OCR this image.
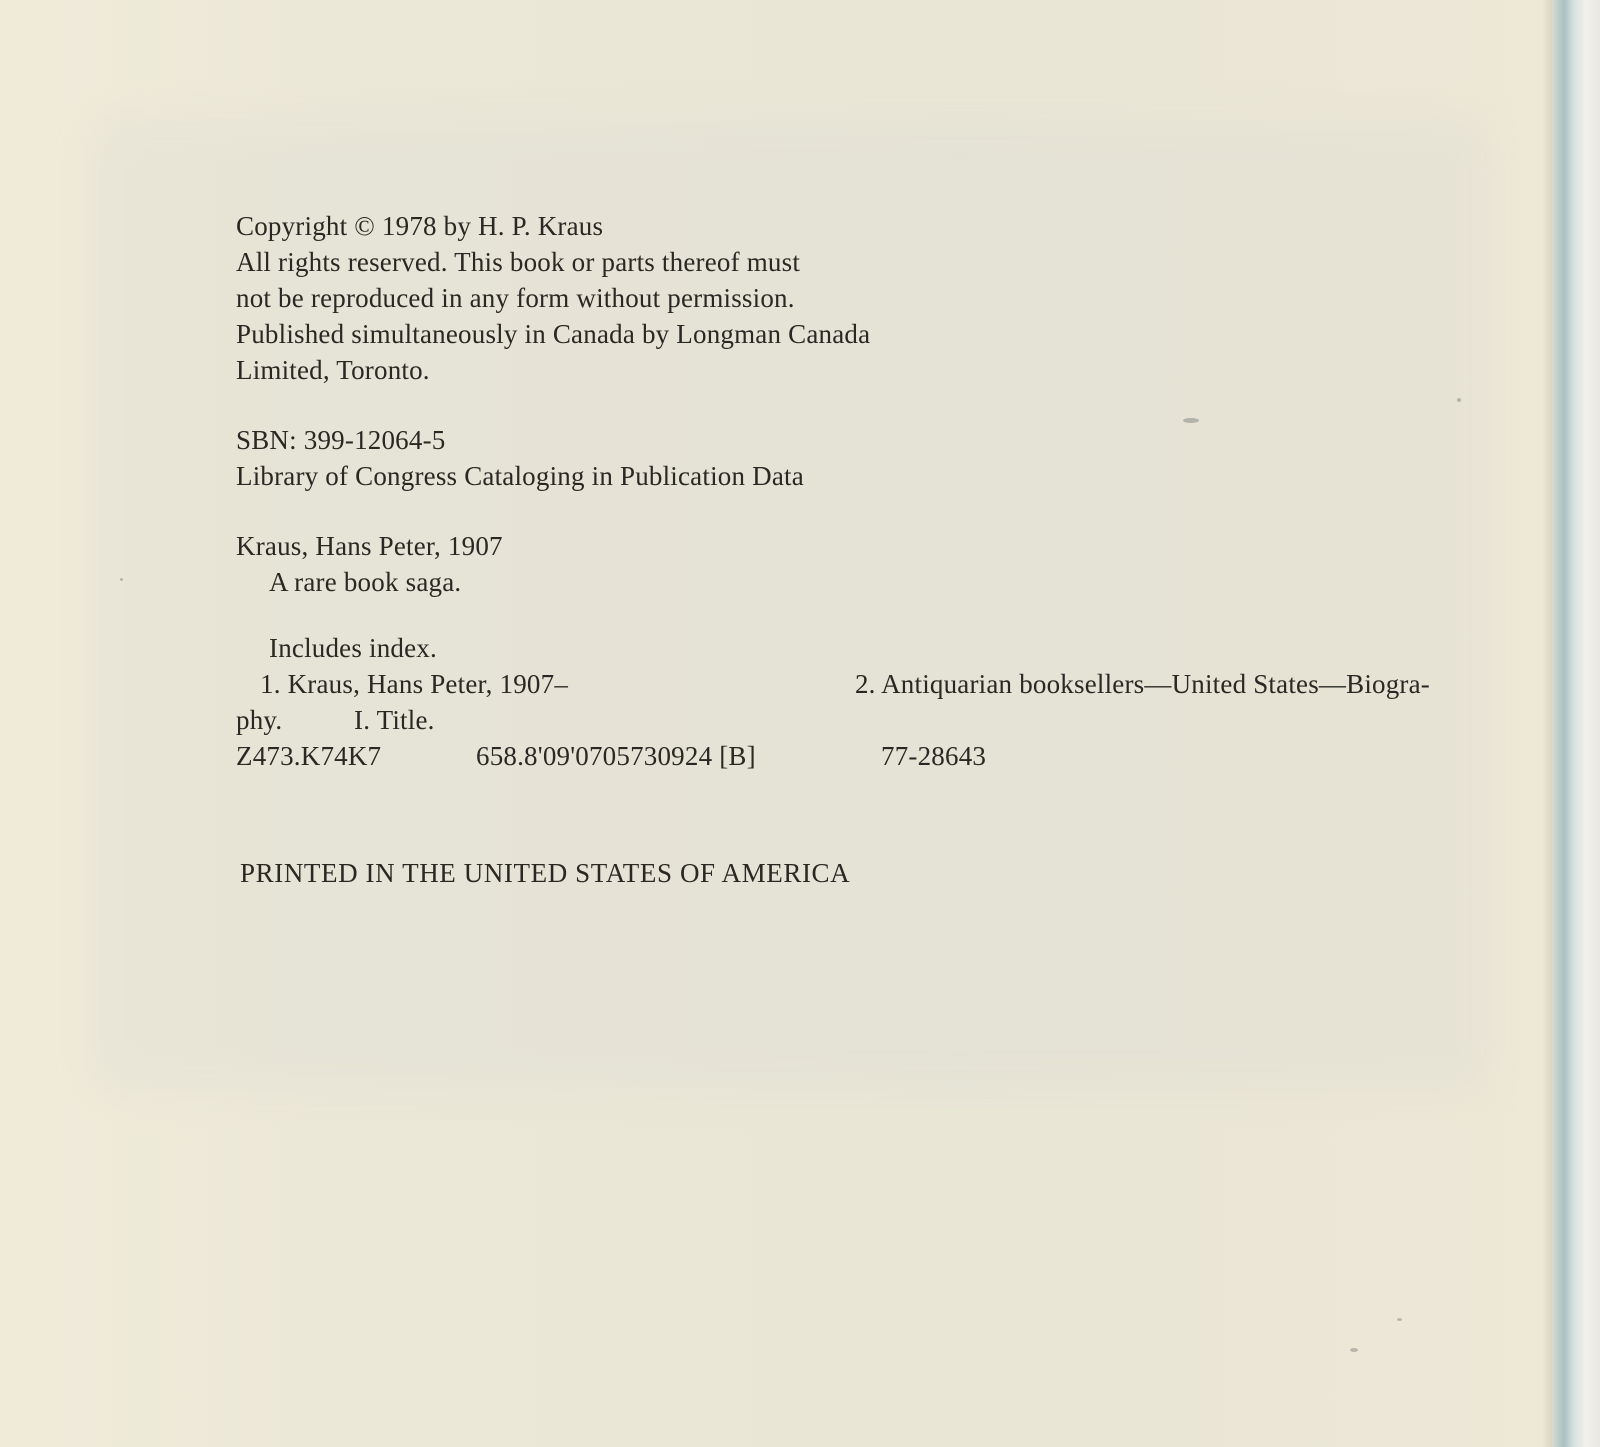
Copyright © 1978 by H. P. Kraus
All rights reserved. This book or parts thereof must
not be reproduced in any form without permission.
Published simultaneously in Canada by Longman Canada
Limited, Toronto.
SBN: 399-12064-5
Library of Congress Cataloging in Publication Data
Kraus, Hans Peter, 1907
A rare book saga.
Includes index.
1. Kraus, Hans Peter, 1907–	2. Antiquarian booksellers—United States—Biogra-
phy.	I. Title.
Z473.K74K7	658.8'09'0705730924 [B]	77-28643
PRINTED IN THE UNITED STATES OF AMERICA
